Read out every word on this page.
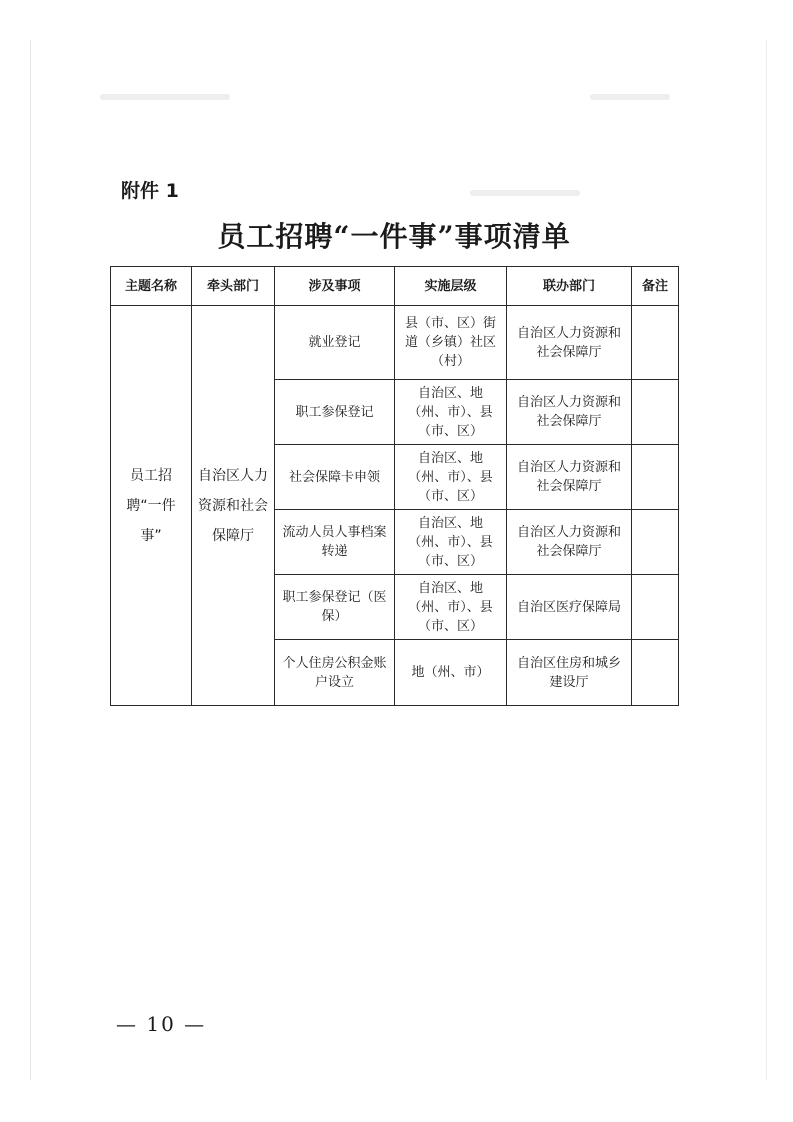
附件 1
员工招聘“一件事”事项清单
主题名称	牵头部门	涉及事项	实施层级	联办部门	备注
员工招聘“一件事”	自治区人力资源和社会保障厅	就业登记	县（市、区）街道（乡镇）社区（村）	自治区人力资源和社会保障厅	
		职工参保登记	自治区、地（州、市）、县（市、区）	自治区人力资源和社会保障厅	
		社会保障卡申领	自治区、地（州、市）、县（市、区）	自治区人力资源和社会保障厅	
		流动人员人事档案转递	自治区、地（州、市）、县（市、区）	自治区人力资源和社会保障厅	
		职工参保登记（医保）	自治区、地（州、市）、县（市、区）	自治区医疗保障局	
		个人住房公积金账户设立	地（州、市）	自治区住房和城乡建设厅	
— 10 —
